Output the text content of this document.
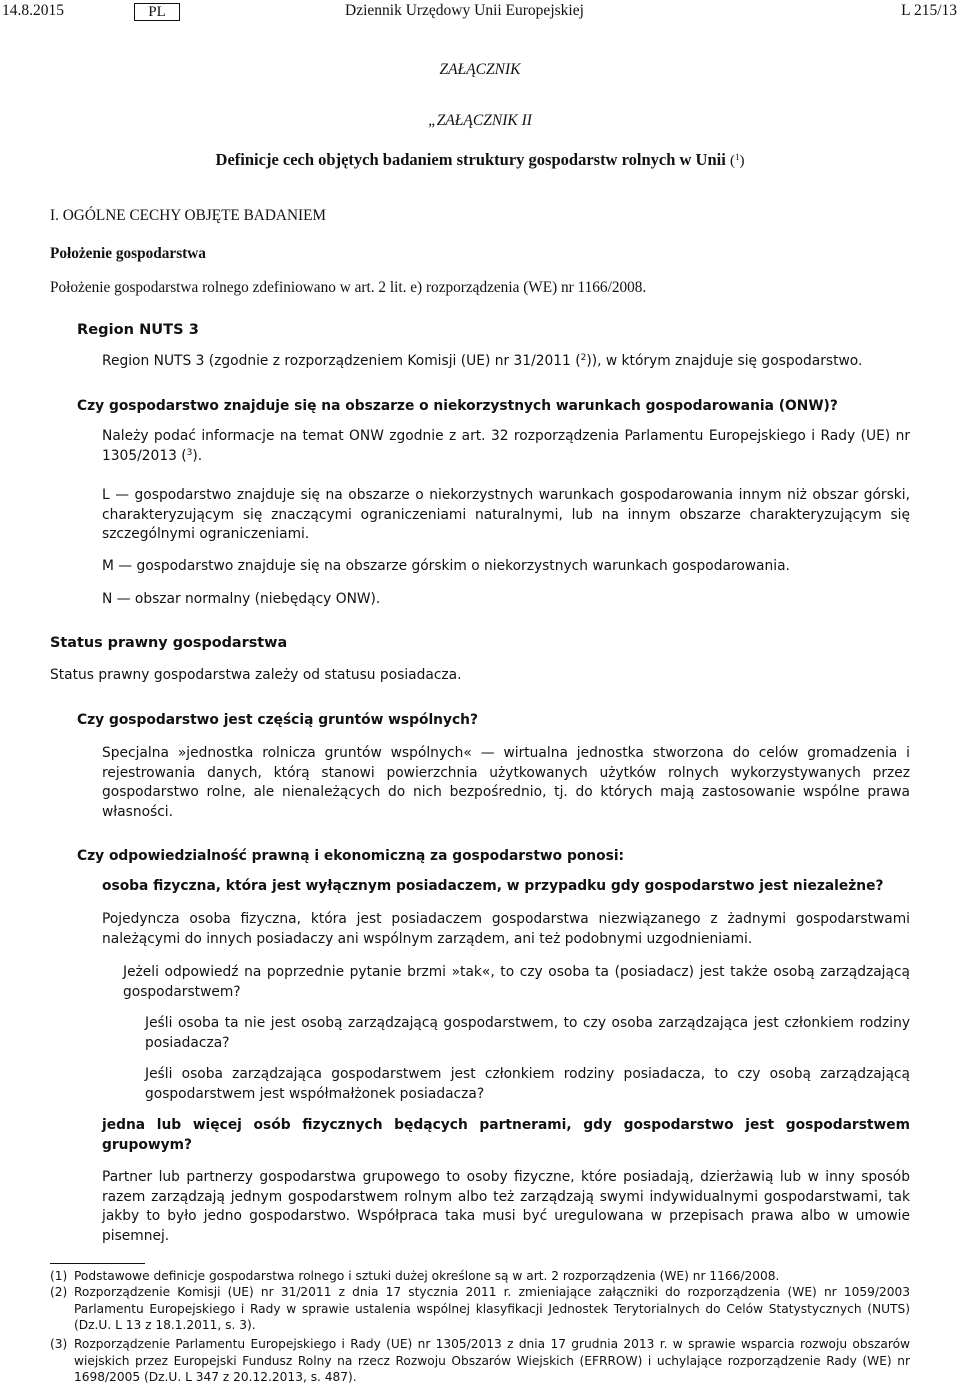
14.8.2015	PL	Dziennik Urzędowy Unii Europejskiej	L 215/13
ZAŁĄCZNIK
„ZAŁĄCZNIK II
Definicje cech objętych badaniem struktury gospodarstw rolnych w Unii ($^1$)
I. OGÓLNE CECHY OBJĘTE BADANIEM
Położenie gospodarstwa
Położenie gospodarstwa rolnego zdefiniowano w art. 2 lit. e) rozporządzenia (WE) nr 1166/2008.
Region NUTS 3
Region NUTS 3 (zgodnie z rozporządzeniem Komisji (UE) nr 31/2011 ($^2$)), w którym znajduje się gospodarstwo.
Czy gospodarstwo znajduje się na obszarze o niekorzystnych warunkach gospodarowania (ONW)?
Należy podać informacje na temat ONW zgodnie z art. 32 rozporządzenia Parlamentu Europejskiego i Rady (UE) nr 1305/2013 ($^3$).
L — gospodarstwo znajduje się na obszarze o niekorzystnych warunkach gospodarowania innym niż obszar górski, charakteryzującym się znaczącymi ograniczeniami naturalnymi, lub na innym obszarze charakteryzującym się szczególnymi ograniczeniami.
M — gospodarstwo znajduje się na obszarze górskim o niekorzystnych warunkach gospodarowania.
N — obszar normalny (niebędący ONW).
Status prawny gospodarstwa
Status prawny gospodarstwa zależy od statusu posiadacza.
Czy gospodarstwo jest częścią gruntów wspólnych?
Specjalna »jednostka rolnicza gruntów wspólnych« — wirtualna jednostka stworzona do celów gromadzenia i rejestrowania danych, którą stanowi powierzchnia użytkowanych użytków rolnych wykorzystywanych przez gospodarstwo rolne, ale nienależących do nich bezpośrednio, tj. do których mają zastosowanie wspólne prawa własności.
Czy odpowiedzialność prawną i ekonomiczną za gospodarstwo ponosi:
osoba fizyczna, która jest wyłącznym posiadaczem, w przypadku gdy gospodarstwo jest niezależne?
Pojedyncza osoba fizyczna, która jest posiadaczem gospodarstwa niezwiązanego z żadnymi gospodarstwami należącymi do innych posiadaczy ani wspólnym zarządem, ani też podobnymi uzgodnieniami.
Jeżeli odpowiedź na poprzednie pytanie brzmi »tak«, to czy osoba ta (posiadacz) jest także osobą zarządzającą gospodarstwem?
Jeśli osoba ta nie jest osobą zarządzającą gospodarstwem, to czy osoba zarządzająca jest członkiem rodziny posiadacza?
Jeśli osoba zarządzająca gospodarstwem jest członkiem rodziny posiadacza, to czy osobą zarządzającą gospodarstwem jest współmałżonek posiadacza?
jedna lub więcej osób fizycznych będących partnerami, gdy gospodarstwo jest gospodarstwem grupowym?
Partner lub partnerzy gospodarstwa grupowego to osoby fizyczne, które posiadają, dzierżawią lub w inny sposób razem zarządzają jednym gospodarstwem rolnym albo też zarządzają swymi indywidualnymi gospodarstwami, tak jakby to było jedno gospodarstwo. Współpraca taka musi być uregulowana w przepisach prawa albo w umowie pisemnej.
(1) Podstawowe definicje gospodarstwa rolnego i sztuki dużej określone są w art. 2 rozporządzenia (WE) nr 1166/2008.
(2) Rozporządzenie Komisji (UE) nr 31/2011 z dnia 17 stycznia 2011 r. zmieniające załączniki do rozporządzenia (WE) nr 1059/2003 Parlamentu Europejskiego i Rady w sprawie ustalenia wspólnej klasyfikacji Jednostek Terytorialnych do Celów Statystycznych (NUTS) (Dz.U. L 13 z 18.1.2011, s. 3).
(3) Rozporządzenie Parlamentu Europejskiego i Rady (UE) nr 1305/2013 z dnia 17 grudnia 2013 r. w sprawie wsparcia rozwoju obszarów wiejskich przez Europejski Fundusz Rolny na rzecz Rozwoju Obszarów Wiejskich (EFRROW) i uchylające rozporządzenie Rady (WE) nr 1698/2005 (Dz.U. L 347 z 20.12.2013, s. 487).
